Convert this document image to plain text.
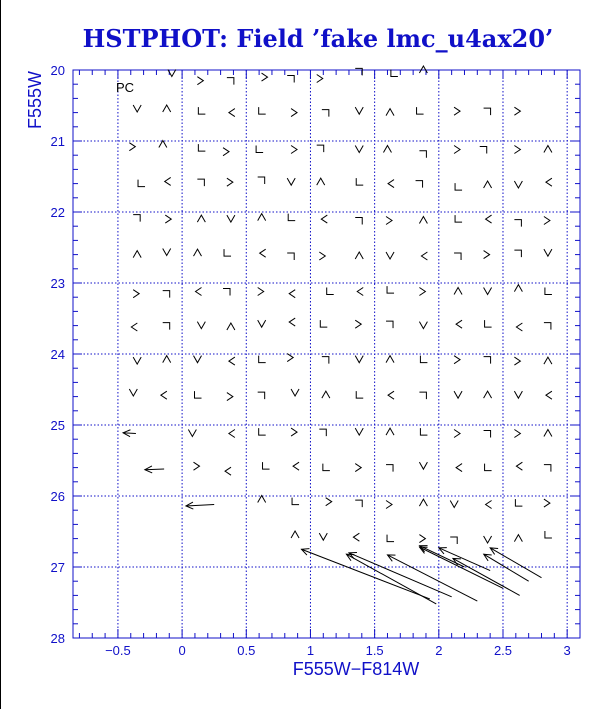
HSTPHOT: Field ’fake lmc_u4ax20’
−0.5	0	0.5	1	1.5	2	2.5	3
20
21
22
23
24
25
26
27
28
PC
F555W−F814W
F555W
